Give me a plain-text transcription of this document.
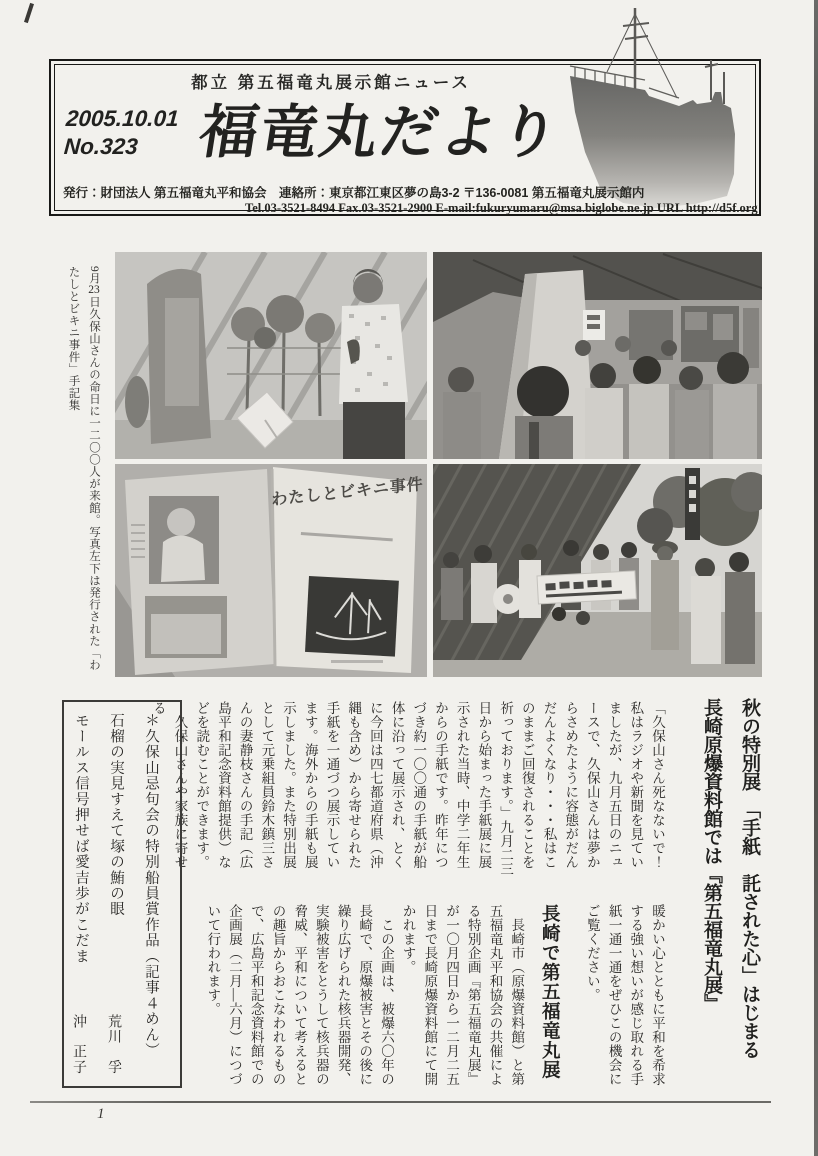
都立 第五福竜丸展示館ニュース
2005.10.01
No.323 福竜丸だより
発行：財団法人 第五福竜丸平和協会　連絡所：東京都江東区夢の島3-2 〒136-0081 第五福竜丸展示館内
Tel.03-3521-8494 Fax.03-3521-2900 E-mail:fukuryumaru@msa.biglobe.ne.jp URL http://d5f.org
9月23日久保山さんの命日に一二〇〇人が来館。写真左下は発行された「わたしとビキニ事件」手記集
わたしとビキニ事件

秋の特別展　「手紙　託された心」はじまる

長崎原爆資料館では『第五福竜丸展』

「久保山さん死なないで！私はラジオや新聞を見ていましたが、九月五日のニュースで、久保山さんは夢からさめたように容態がだんだんよくなり・・・私はこのままご回復されることを祈っております。」九月二三日から始まった手紙展に展示された当時、中学二年生からの手紙です。昨年につづき約一〇〇通の手紙が船体に沿って展示され、とくに今回は四七都道府県（沖縄も含め）から寄せられた手紙を一通づつ展示しています。海外からの手紙も展示しました。また特別出展として元乗組員鈴木鎮三さんの妻静枝さんの手記（広島平和記念資料館提供）などを読むことができます。

久保山さんや家族に寄せる

暖かい心とともに平和を希求する強い想いが感じ取れる手紙一通一通をぜひこの機会にご覧ください。

長崎で第五福竜丸展

長崎市（原爆資料館）と第五福竜丸平和協会の共催による特別企画『第五福竜丸展』が一〇月四日から一二月二五日まで長崎原爆資料館にて開かれます。

この企画は、被爆六〇年の長崎で、原爆被害とその後に繰り広げられた核兵器開発、実験被害をとうして核兵器の脅威、平和について考えるとの趣旨からおこなわれるもので、広島平和記念資料館での企画展（二月―六月）につづいて行われます。

＊久保山忌句会の特別船員賞作品（記事４めん）

石榴の実見すえて塚の鮪の眼
荒川　孚
モールス信号押せば愛吉歩がこだま
沖　正子
1
